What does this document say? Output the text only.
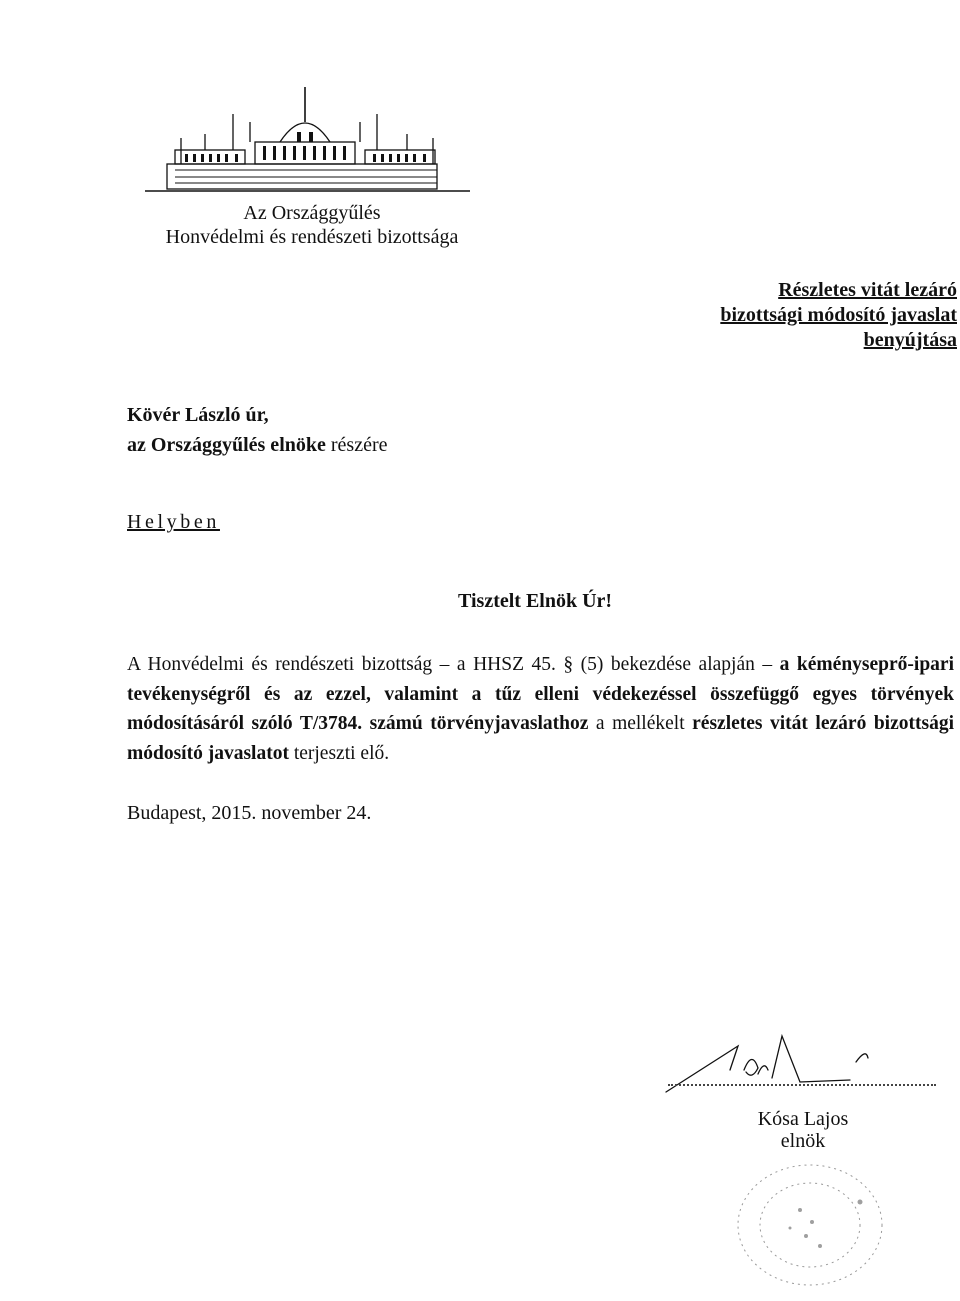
Az Országgyűlés
Honvédelmi és rendészeti bizottsága
Részletes vitát lezáró
bizottsági módosító javaslat
benyújtása
Kövér László úr,
az Országgyűlés elnöke részére
Helyben
Tisztelt Elnök Úr!
A Honvédelmi és rendészeti bizottság – a HHSZ 45. § (5) bekezdése alapján – a kéményseprő-ipari tevékenységről és az ezzel, valamint a tűz elleni védekezéssel összefüggő egyes törvények módosításáról szóló T/3784. számú törvényjavaslathoz a mellékelt részletes vitát lezáró bizottsági módosító javaslatot terjeszti elő.
Budapest, 2015. november 24.
Kósa Lajos
elnök
